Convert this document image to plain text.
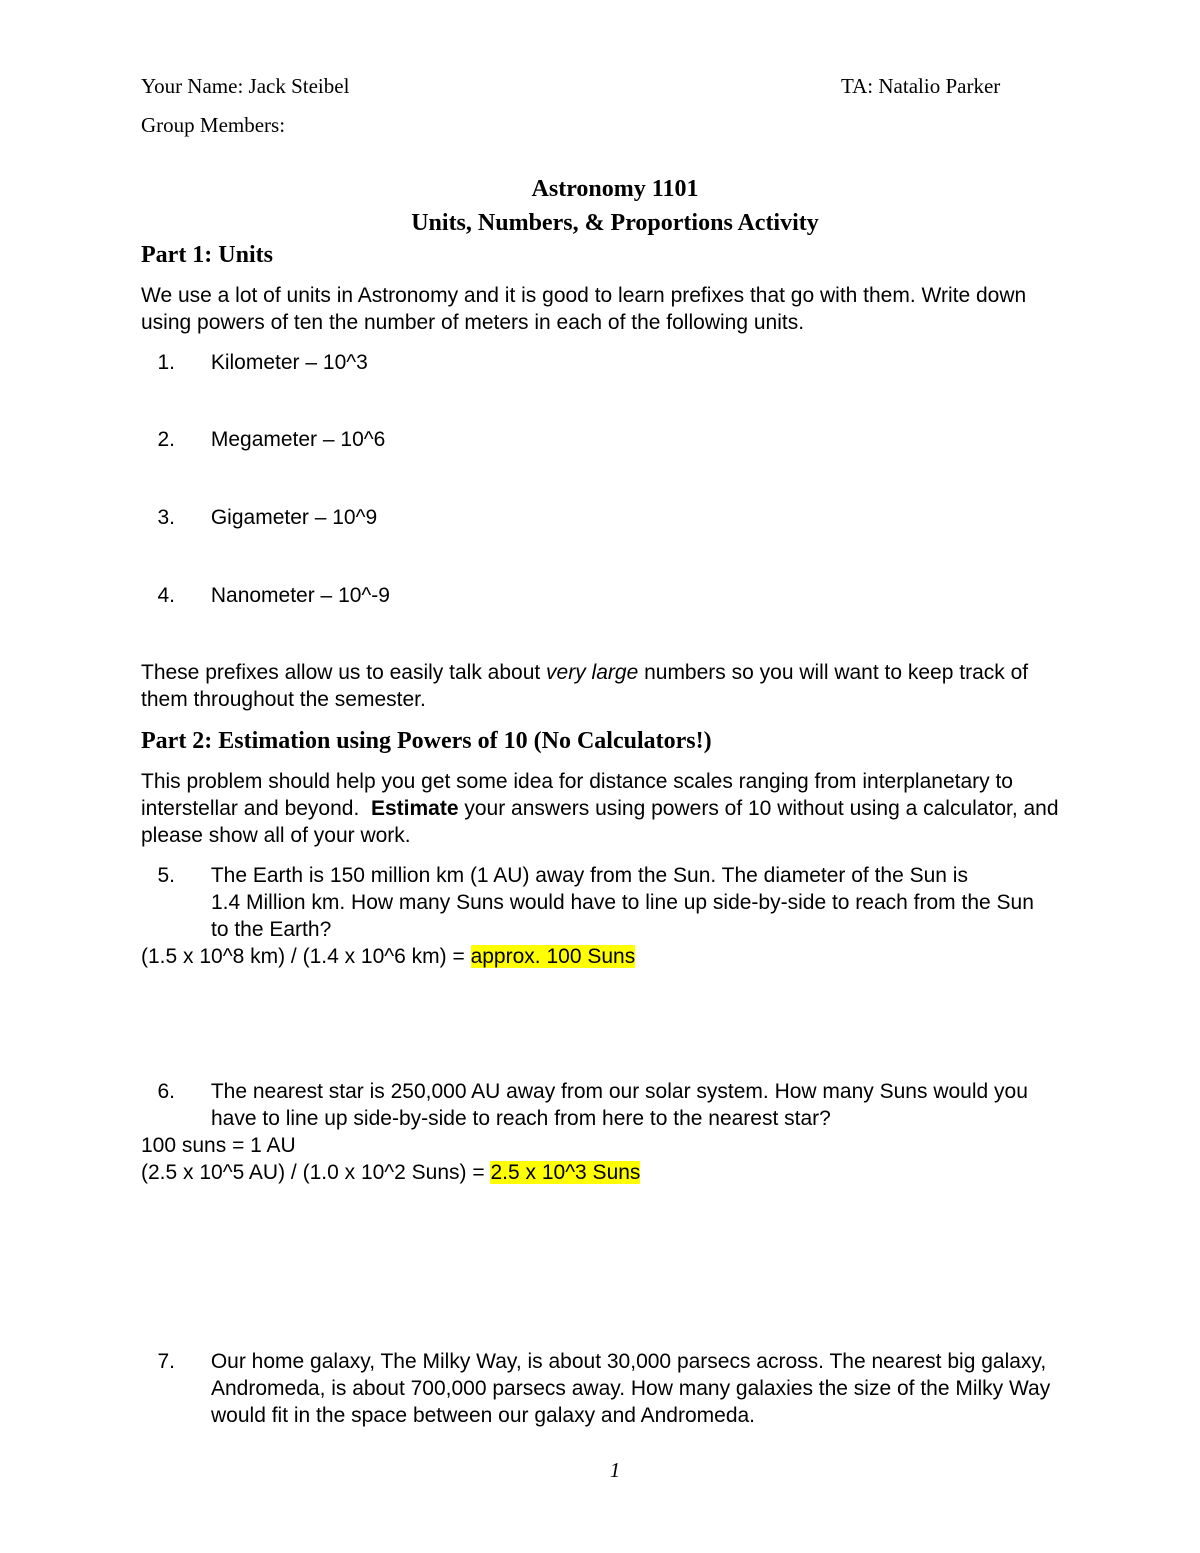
Your Name: Jack Steibel	TA: Natalio Parker
Group Members:
Astronomy 1101
Units, Numbers, & Proportions Activity
Part 1: Units
We use a lot of units in Astronomy and it is good to learn prefixes that go with them. Write down
using powers of ten the number of meters in each of the following units.
1. Kilometer – 10^3
2. Megameter – 10^6
3. Gigameter – 10^9
4. Nanometer – 10^-9
These prefixes allow us to easily talk about very large numbers so you will want to keep track of
them throughout the semester.
Part 2: Estimation using Powers of 10 (No Calculators!)
This problem should help you get some idea for distance scales ranging from interplanetary to
interstellar and beyond.  Estimate your answers using powers of 10 without using a calculator, and
please show all of your work.
5. The Earth is 150 million km (1 AU) away from the Sun. The diameter of the Sun is
1.4 Million km. How many Suns would have to line up side-by-side to reach from the Sun
to the Earth?
(1.5 x 10^8 km) / (1.4 x 10^6 km) = approx. 100 Suns
6. The nearest star is 250,000 AU away from our solar system. How many Suns would you
have to line up side-by-side to reach from here to the nearest star?
100 suns = 1 AU
(2.5 x 10^5 AU) / (1.0 x 10^2 Suns) = 2.5 x 10^3 Suns
7. Our home galaxy, The Milky Way, is about 30,000 parsecs across. The nearest big galaxy,
Andromeda, is about 700,000 parsecs away. How many galaxies the size of the Milky Way
would fit in the space between our galaxy and Andromeda.
1
